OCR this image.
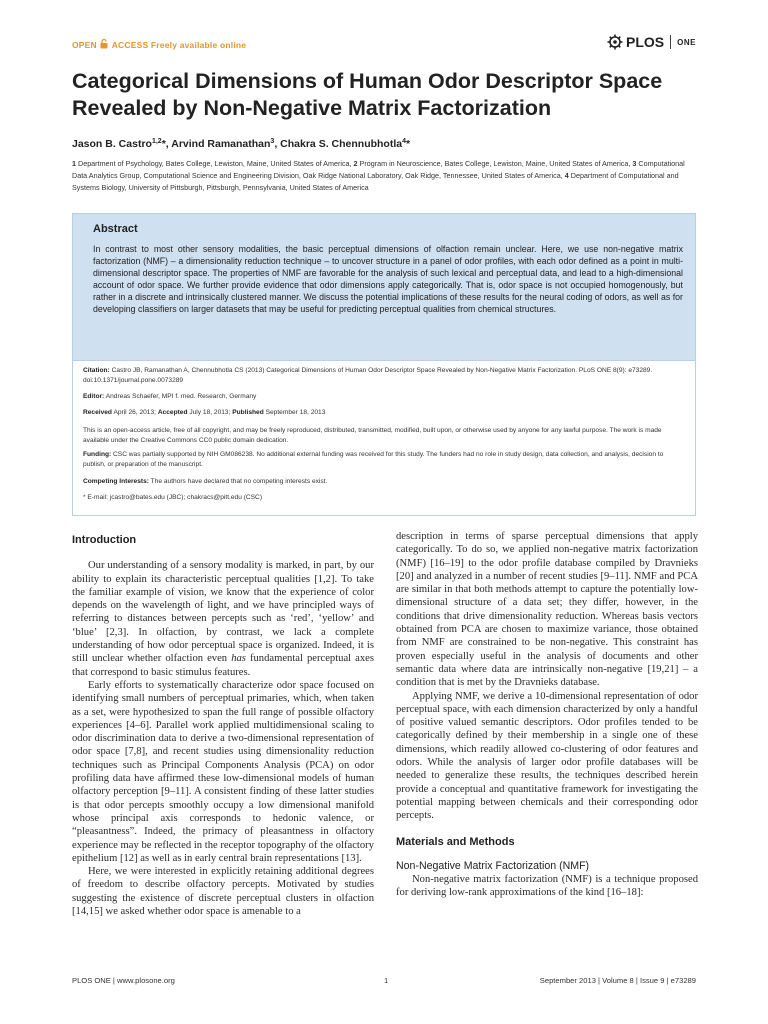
OPEN ACCESS Freely available online	PLOS ONE
Categorical Dimensions of Human Odor Descriptor Space
Revealed by Non-Negative Matrix Factorization
Jason B. Castro$^{1,2}$*, Arvind Ramanathan$^3$, Chakra S. Chennubhotla$^4$*
1 Department of Psychology, Bates College, Lewiston, Maine, United States of America, 2 Program in Neuroscience, Bates College, Lewiston, Maine, United States of America, 3 Computational Data Analytics Group, Computational Science and Engineering Division, Oak Ridge National Laboratory, Oak Ridge, Tennessee, United States of America, 4 Department of Computational and Systems Biology, University of Pittsburgh, Pittsburgh, Pennsylvania, United States of America
Abstract
In contrast to most other sensory modalities, the basic perceptual dimensions of olfaction remain unclear. Here, we use non-negative matrix factorization (NMF) – a dimensionality reduction technique – to uncover structure in a panel of odor profiles, with each odor defined as a point in multi-dimensional descriptor space. The properties of NMF are favorable for the analysis of such lexical and perceptual data, and lead to a high-dimensional account of odor space. We further provide evidence that odor dimensions apply categorically. That is, odor space is not occupied homogenously, but rather in a discrete and intrinsically clustered manner. We discuss the potential implications of these results for the neural coding of odors, as well as for developing classifiers on larger datasets that may be useful for predicting perceptual qualities from chemical structures.
Citation: Castro JB, Ramanathan A, Chennubhotla CS (2013) Categorical Dimensions of Human Odor Descriptor Space Revealed by Non-Negative Matrix Factorization. PLoS ONE 8(9): e73289. doi:10.1371/journal.pone.0073289
Editor: Andreas Schaefer, MPI f. med. Research, Germany
Received April 26, 2013; Accepted July 18, 2013; Published September 18, 2013
This is an open-access article, free of all copyright, and may be freely reproduced, distributed, transmitted, modified, built upon, or otherwise used by anyone for any lawful purpose. The work is made available under the Creative Commons CC0 public domain dedication.
Funding: CSC was partially supported by NIH GM086238. No additional external funding was received for this study. The funders had no role in study design, data collection, and analysis, decision to publish, or preparation of the manuscript.
Competing Interests: The authors have declared that no competing interests exist.
* E-mail: jcastro@bates.edu (JBC); chakracs@pitt.edu (CSC)
Introduction

Our understanding of a sensory modality is marked, in part, by our ability to explain its characteristic perceptual qualities [1,2]. To take the familiar example of vision, we know that the experience of color depends on the wavelength of light, and we have principled ways of referring to distances between percepts such as ‘red’, ‘yellow’ and ‘blue’ [2,3]. In olfaction, by contrast, we lack a complete understanding of how odor perceptual space is organized. Indeed, it is still unclear whether olfaction even has fundamental perceptual axes that correspond to basic stimulus features.

Early efforts to systematically characterize odor space focused on identifying small numbers of perceptual primaries, which, when taken as a set, were hypothesized to span the full range of possible olfactory experiences [4–6]. Parallel work applied multidimensional scaling to odor discrimination data to derive a two-dimensional representation of odor space [7,8], and recent studies using dimensionality reduction techniques such as Principal Components Analysis (PCA) on odor profiling data have affirmed these low-dimensional models of human olfactory perception [9–11]. A consistent finding of these latter studies is that odor percepts smoothly occupy a low dimensional manifold whose principal axis corresponds to hedonic valence, or “pleasantness”. Indeed, the primacy of pleasantness in olfactory experience may be reflected in the receptor topography of the olfactory epithelium [12] as well as in early central brain representations [13].

Here, we were interested in explicitly retaining additional degrees of freedom to describe olfactory percepts. Motivated by studies suggesting the existence of discrete perceptual clusters in olfaction [14,15] we asked whether odor space is amenable to a

description in terms of sparse perceptual dimensions that apply categorically. To do so, we applied non-negative matrix factorization (NMF) [16–19] to the odor profile database compiled by Dravnieks [20] and analyzed in a number of recent studies [9–11]. NMF and PCA are similar in that both methods attempt to capture the potentially low-dimensional structure of a data set; they differ, however, in the conditions that drive dimensionality reduction. Whereas basis vectors obtained from PCA are chosen to maximize variance, those obtained from NMF are constrained to be non-negative. This constraint has proven especially useful in the analysis of documents and other semantic data where data are intrinsically non-negative [19,21] – a condition that is met by the Dravnieks database.

Applying NMF, we derive a 10-dimensional representation of odor perceptual space, with each dimension characterized by only a handful of positive valued semantic descriptors. Odor profiles tended to be categorically defined by their membership in a single one of these dimensions, which readily allowed co-clustering of odor features and odors. While the analysis of larger odor profile databases will be needed to generalize these results, the techniques described herein provide a conceptual and quantitative framework for investigating the potential mapping between chemicals and their corresponding odor percepts.

Materials and Methods
Non-Negative Matrix Factorization (NMF)

Non-negative matrix factorization (NMF) is a technique proposed for deriving low-rank approximations of the kind [16–18]:

PLOS ONE | www.plosone.org	1	September 2013 | Volume 8 | Issue 9 | e73289
